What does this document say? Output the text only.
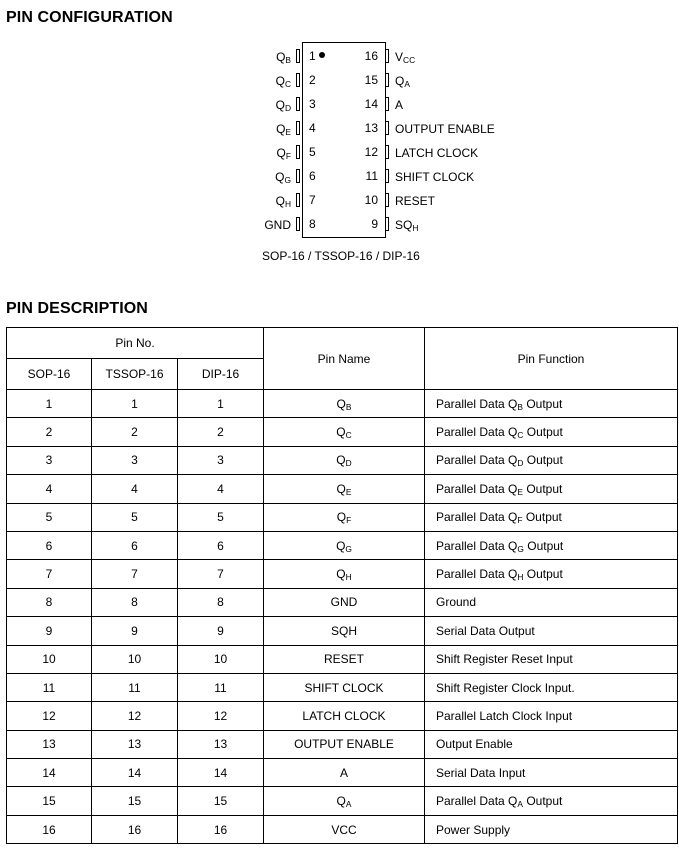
PIN CONFIGURATION
1
$Q_B$
2
$Q_C$
3
$Q_D$
4
$Q_E$
5
$Q_F$
6
$Q_G$
7
$Q_H$
8
GND
16 $V_{CC}$
15 $Q_A$
14 A
13 OUTPUT ENABLE
12 LATCH CLOCK
11 SHIFT CLOCK
10 RESET
9 $SQ_H$
SOP-16 / TSSOP-16 / DIP-16
PIN DESCRIPTION
Pin No.			Pin Name	Pin Function
SOP-16	TSSOP-16	DIP-16		
1	1	1	$Q_B$	Parallel Data $Q_B$ Output
2	2	2	$Q_C$	Parallel Data $Q_C$ Output
3	3	3	$Q_D$	Parallel Data $Q_D$ Output
4	4	4	$Q_E$	Parallel Data $Q_E$ Output
5	5	5	$Q_F$	Parallel Data $Q_F$ Output
6	6	6	$Q_G$	Parallel Data $Q_G$ Output
7	7	7	$Q_H$	Parallel Data $Q_H$ Output
8	8	8	GND	Ground
9	9	9	SQH	Serial Data Output
10	10	10	RESET	Shift Register Reset Input
11	11	11	SHIFT CLOCK	Shift Register Clock Input.
12	12	12	LATCH CLOCK	Parallel Latch Clock Input
13	13	13	OUTPUT ENABLE	Output Enable
14	14	14	A	Serial Data Input
15	15	15	$Q_A$	Parallel Data $Q_A$ Output
16	16	16	VCC	Power Supply
